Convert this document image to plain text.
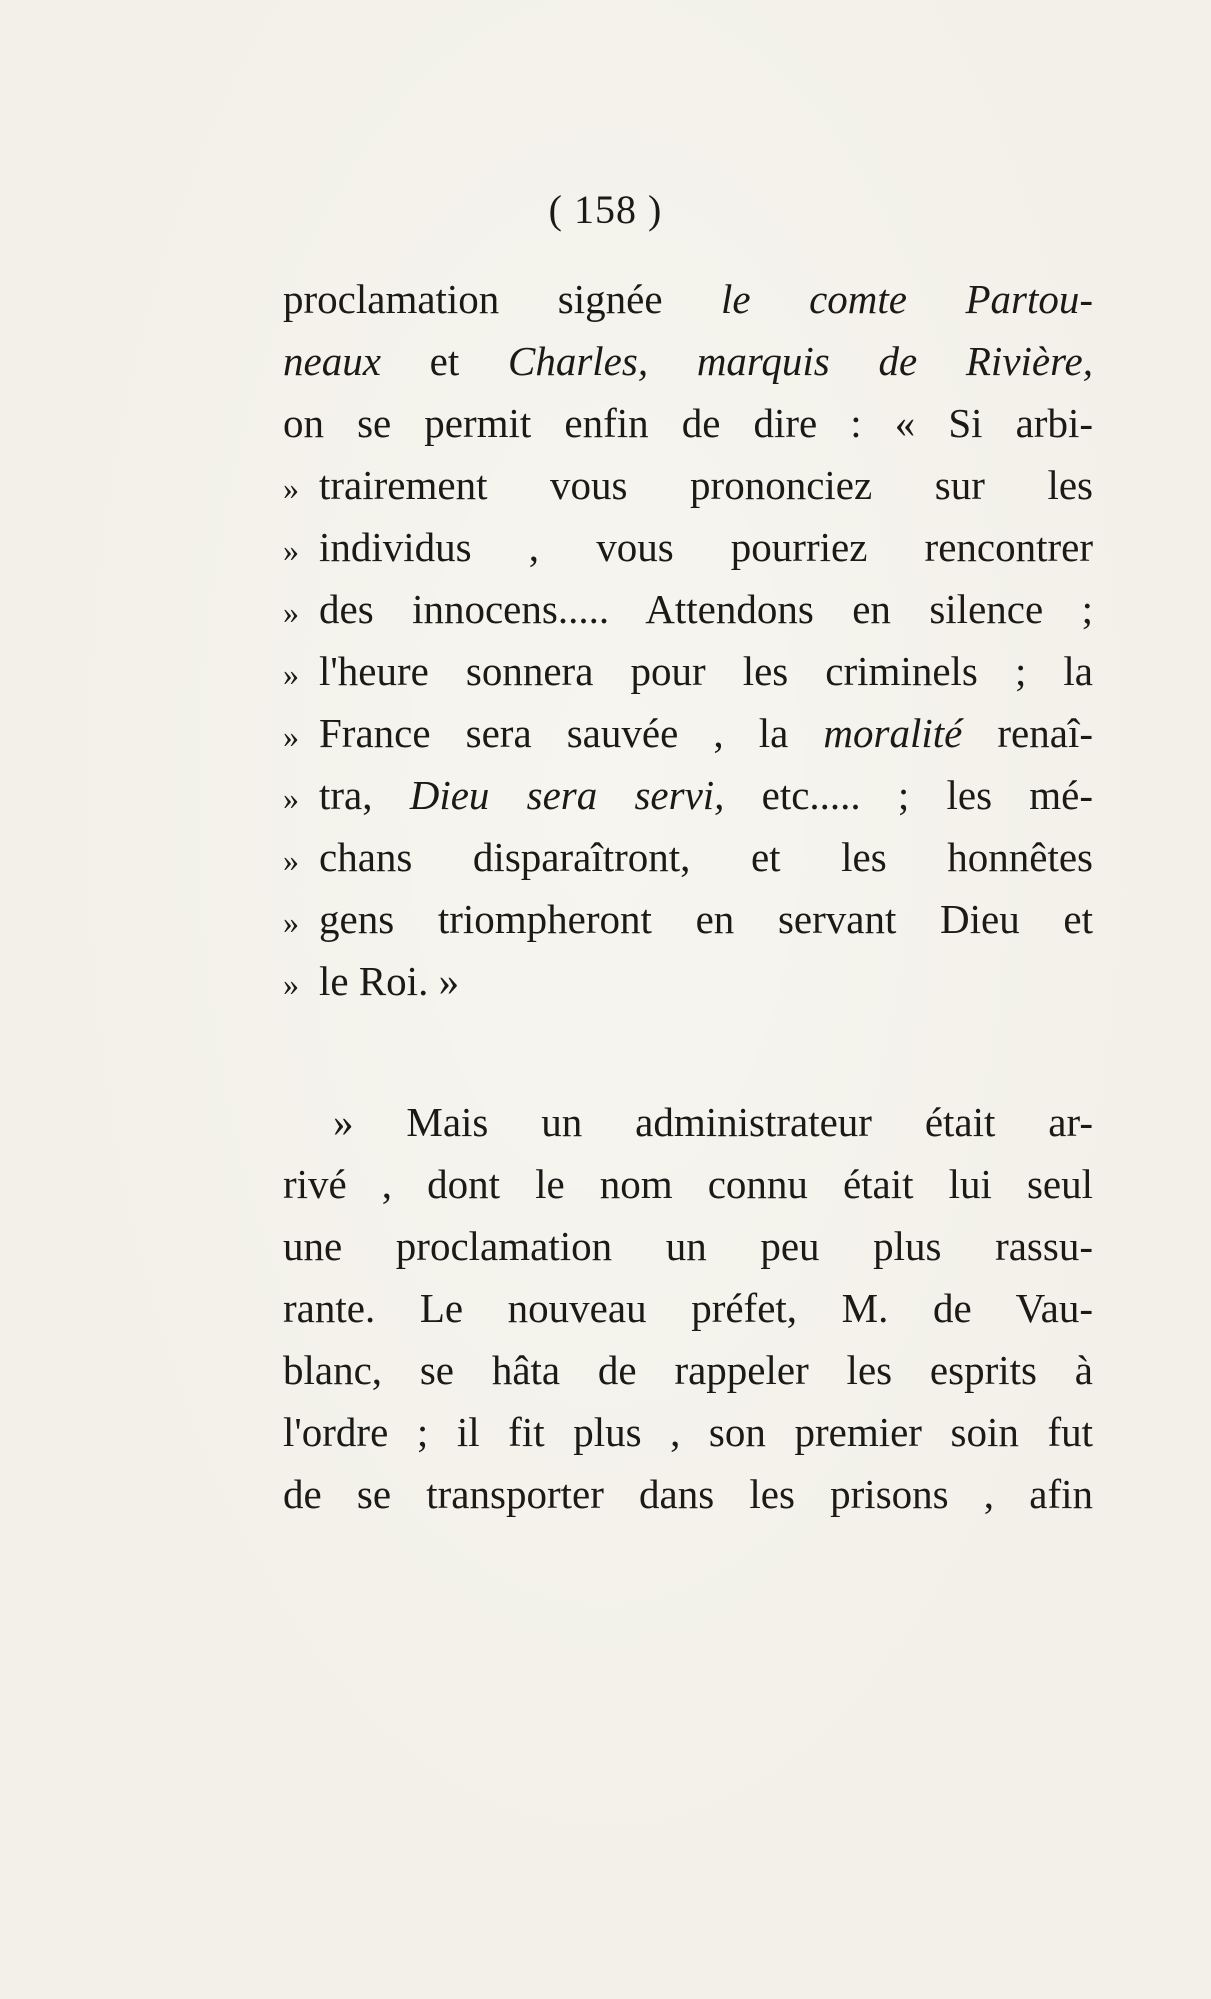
( 158 )
proclamation signée le comte Partou-
neaux et Charles, marquis de Rivière,
on se permit enfin de dire : « Si arbi-
» trairement vous prononciez sur les
» individus , vous pourriez rencontrer
» des innocens..... Attendons en silence ;
» l'heure sonnera pour les criminels ; la
» France sera sauvée , la moralité renaî-
» tra, Dieu sera servi, etc..... ; les mé-
» chans disparaîtront, et les honnêtes
» gens triompheront en servant Dieu et
» le Roi. »
» Mais un administrateur était ar-
rivé , dont le nom connu était lui seul
une proclamation un peu plus rassu-
rante. Le nouveau préfet, M. de Vau-
blanc, se hâta de rappeler les esprits à
l'ordre ; il fit plus , son premier soin fut
de se transporter dans les prisons , afin
